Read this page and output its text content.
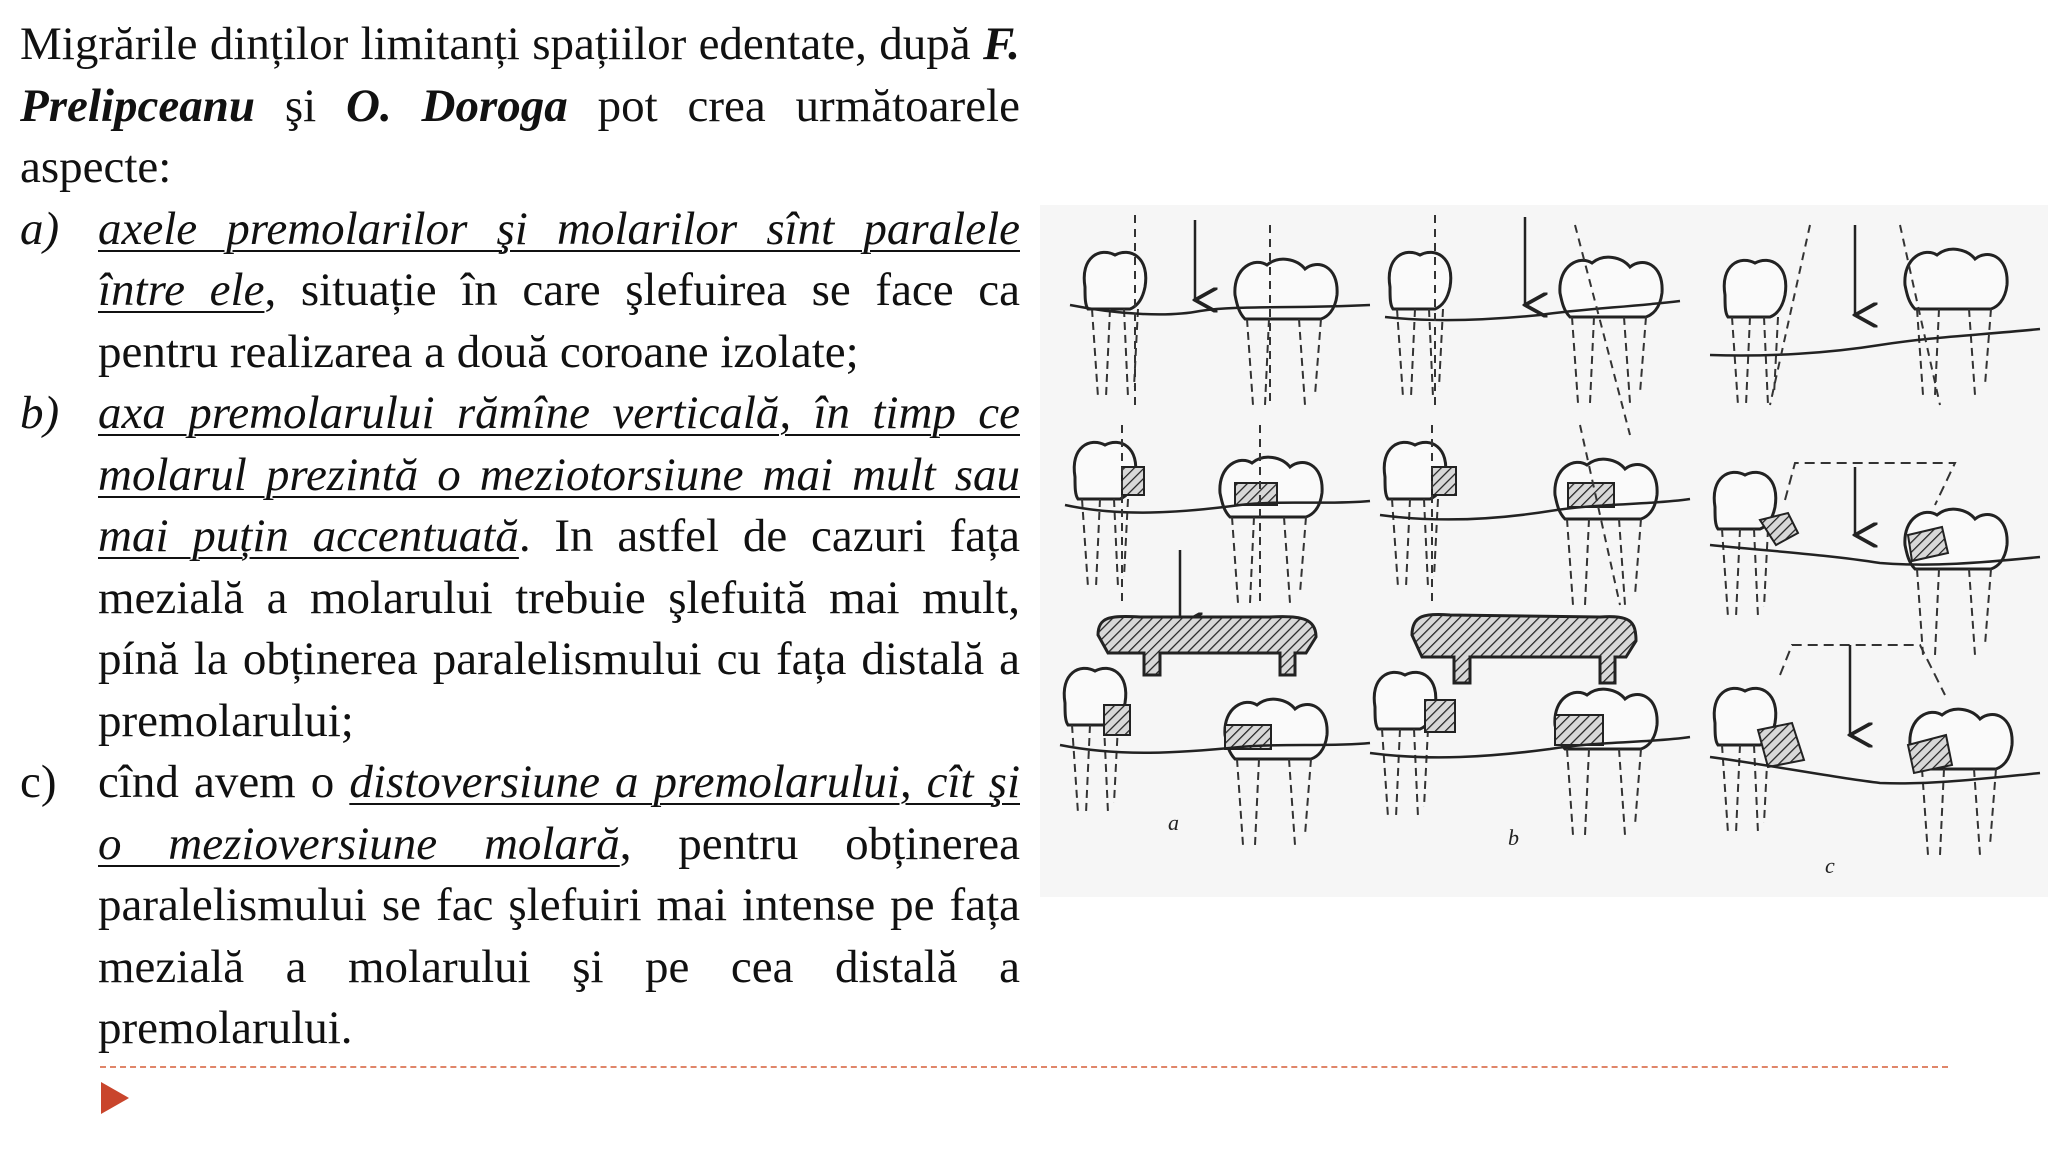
Migrările dinților limitanți spațiilor edentate, după F. Prelipceanu şi O. Doroga pot crea următoarele aspecte:

a) axele premolarilor şi molarilor sînt paralele între ele, situație în care şlefuirea se face ca pentru realizarea a două coroane izolate;
b) axa premolarului rămîne verticală, în timp ce molarul prezintă o meziotorsiune mai mult sau mai puțin accentuată. In astfel de cazuri fața mezială a molarului trebuie şlefuită mai mult, pínă la obținerea paralelismului cu fața distală a premolarului;
c) cînd avem o distoversiune a premolarului, cît şi o mezioversiune molară, pentru obținerea paralelismului se fac şlefuiri mai intense pe fața mezială a molarului şi pe cea distală a premolarului.
a
b
c
